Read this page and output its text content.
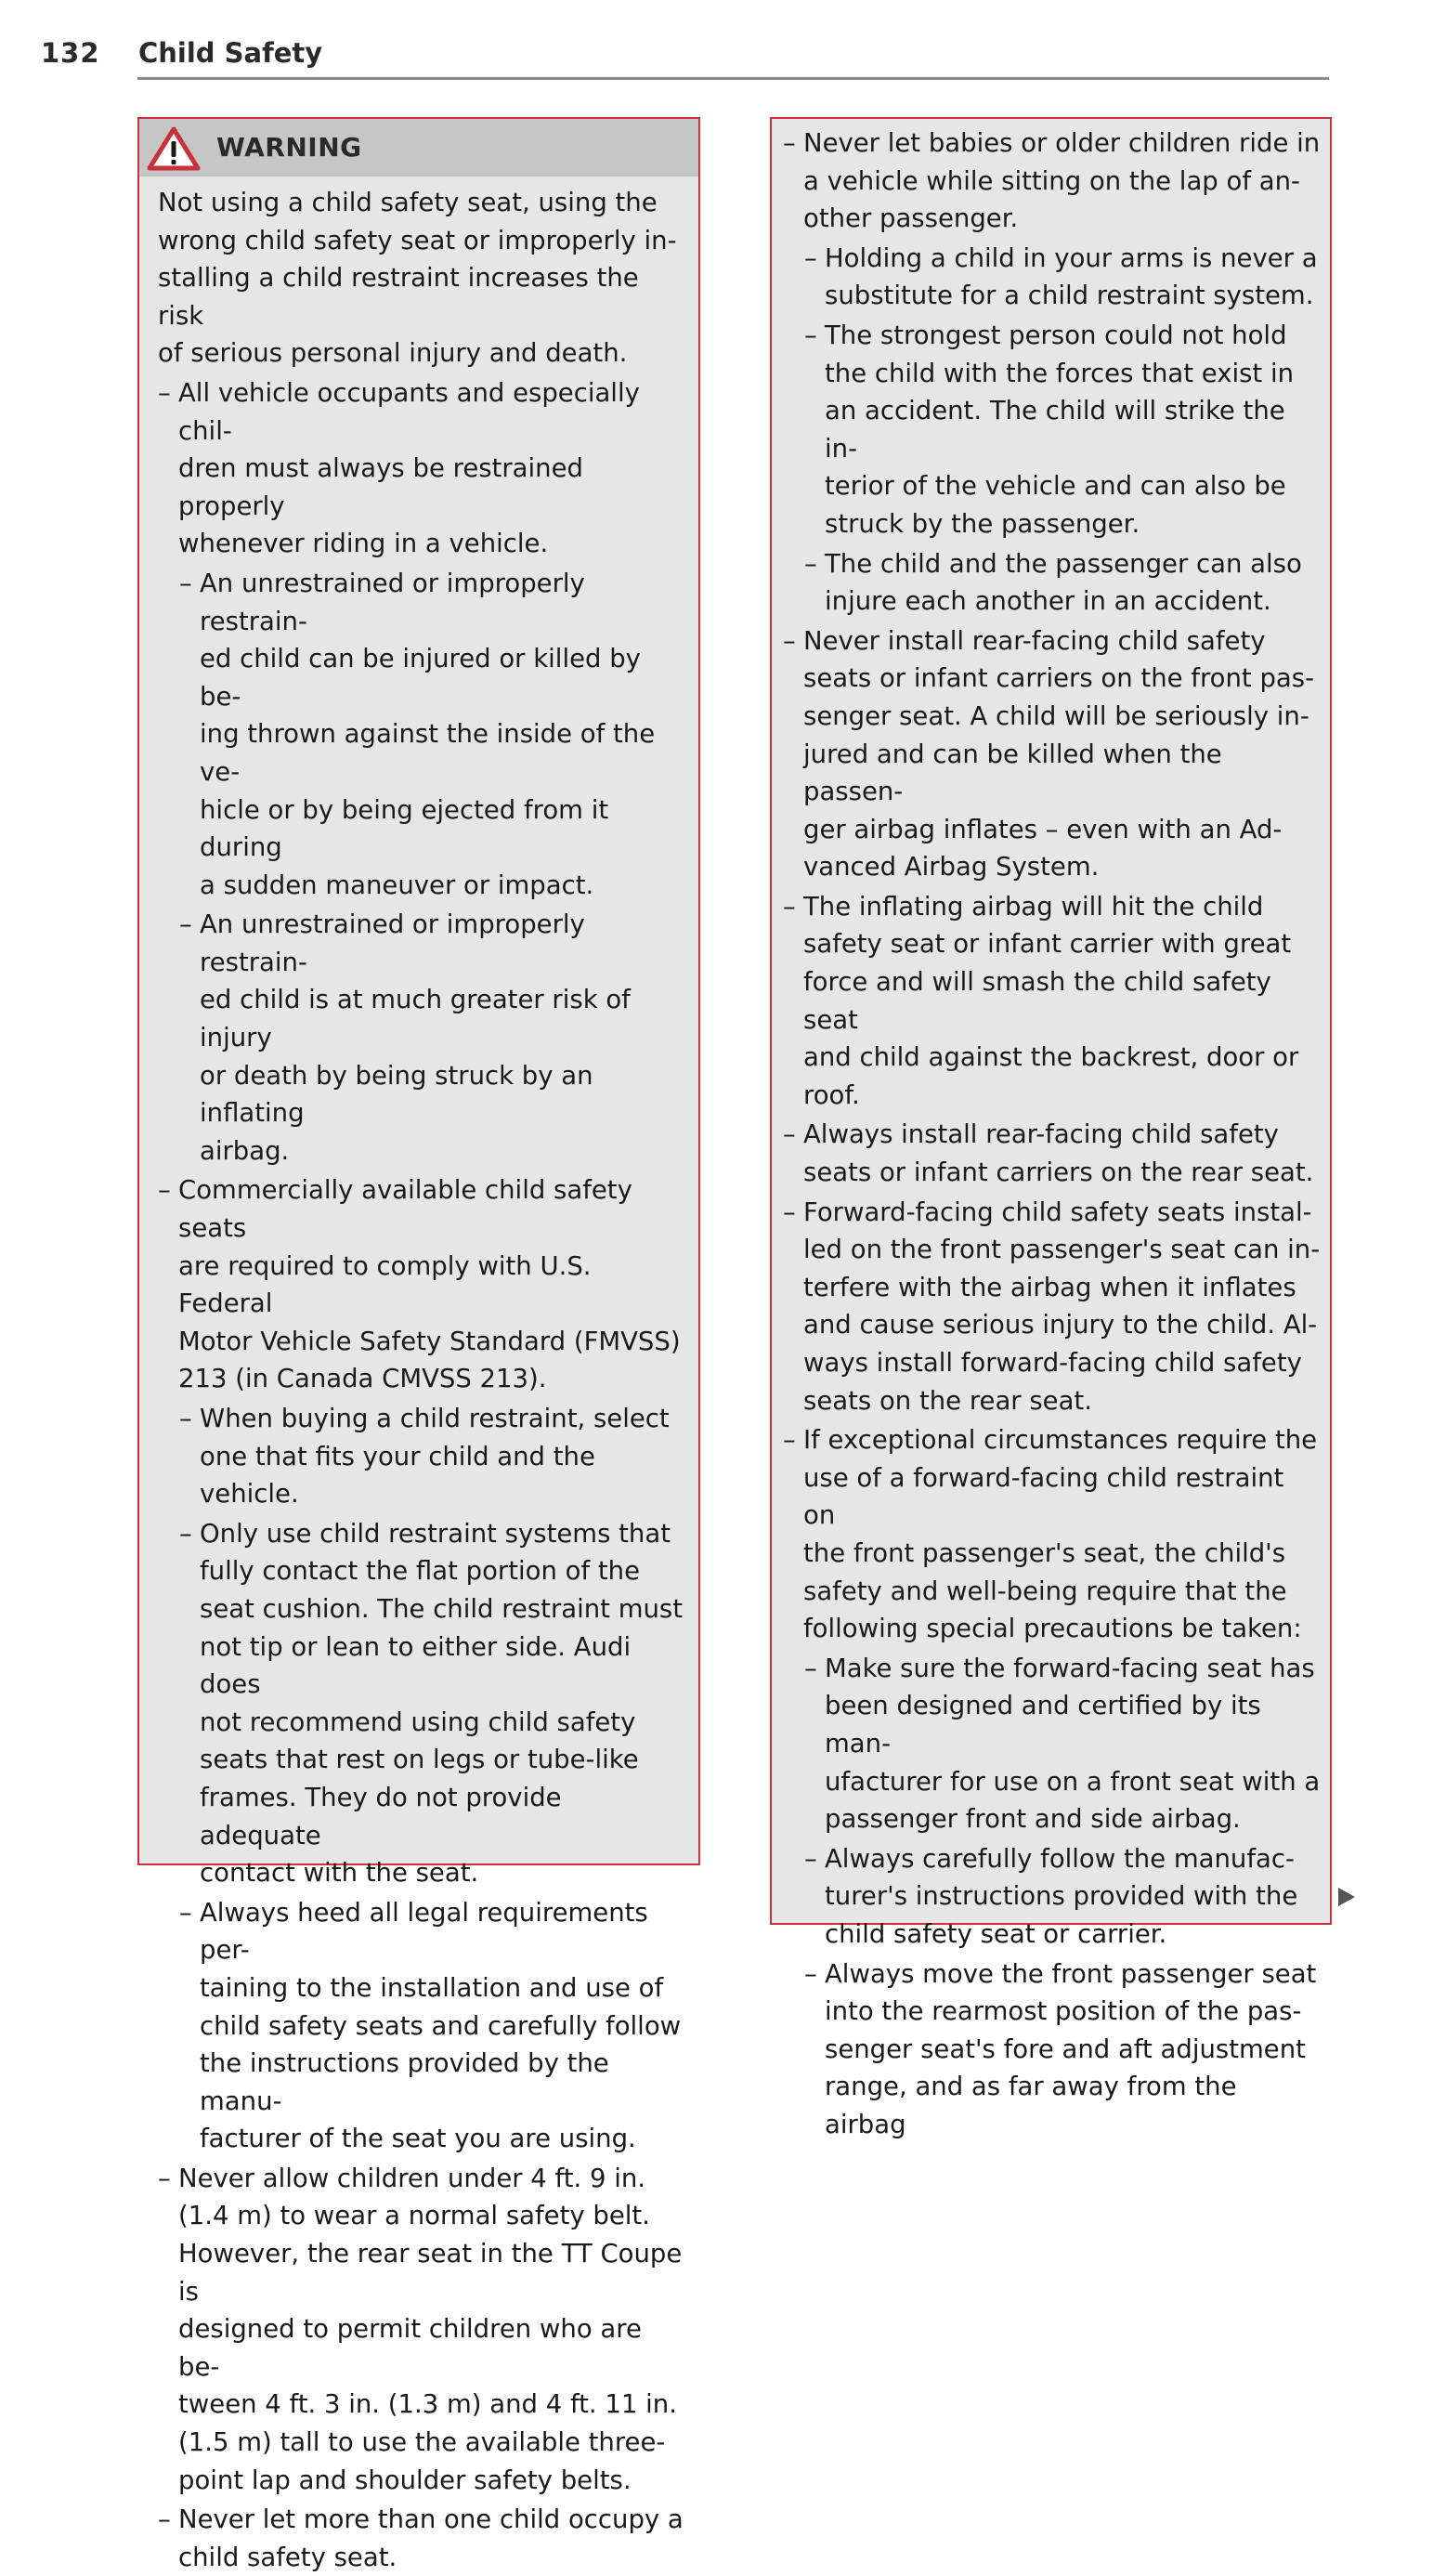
132 Child Safety
WARNING
Not using a child safety seat, using the
wrong child safety seat or improperly in-
stalling a child restraint increases the risk
of serious personal injury and death.
– All vehicle occupants and especially chil-
dren must always be restrained properly
whenever riding in a vehicle.
– An unrestrained or improperly restrain-
ed child can be injured or killed by be-
ing thrown against the inside of the ve-
hicle or by being ejected from it during
a sudden maneuver or impact.
– An unrestrained or improperly restrain-
ed child is at much greater risk of injury
or death by being struck by an inflating
airbag.
– Commercially available child safety seats
are required to comply with U.S. Federal
Motor Vehicle Safety Standard (FMVSS)
213 (in Canada CMVSS 213).
– When buying a child restraint, select
one that fits your child and the vehicle.
– Only use child restraint systems that
fully contact the flat portion of the
seat cushion. The child restraint must
not tip or lean to either side. Audi does
not recommend using child safety
seats that rest on legs or tube-like
frames. They do not provide adequate
contact with the seat.
– Always heed all legal requirements per-
taining to the installation and use of
child safety seats and carefully follow
the instructions provided by the manu-
facturer of the seat you are using.
– Never allow children under 4 ft. 9 in.
(1.4 m) to wear a normal safety belt.
However, the rear seat in the TT Coupe is
designed to permit children who are be-
tween 4 ft. 3 in. (1.3 m) and 4 ft. 11 in.
(1.5 m) tall to use the available three-
point lap and shoulder safety belts.
– Never let more than one child occupy a
child safety seat.
– Never let babies or older children ride in
a vehicle while sitting on the lap of an-
other passenger.
– Holding a child in your arms is never a
substitute for a child restraint system.
– The strongest person could not hold
the child with the forces that exist in
an accident. The child will strike the in-
terior of the vehicle and can also be
struck by the passenger.
– The child and the passenger can also
injure each another in an accident.
– Never install rear-facing child safety
seats or infant carriers on the front pas-
senger seat. A child will be seriously in-
jured and can be killed when the passen-
ger airbag inflates – even with an Ad-
vanced Airbag System.
– The inflating airbag will hit the child
safety seat or infant carrier with great
force and will smash the child safety seat
and child against the backrest, door or
roof.
– Always install rear-facing child safety
seats or infant carriers on the rear seat.
– Forward-facing child safety seats instal-
led on the front passenger's seat can in-
terfere with the airbag when it inflates
and cause serious injury to the child. Al-
ways install forward-facing child safety
seats on the rear seat.
– If exceptional circumstances require the
use of a forward-facing child restraint on
the front passenger's seat, the child's
safety and well-being require that the
following special precautions be taken:
– Make sure the forward-facing seat has
been designed and certified by its man-
ufacturer for use on a front seat with a
passenger front and side airbag.
– Always carefully follow the manufac-
turer's instructions provided with the
child safety seat or carrier.
– Always move the front passenger seat
into the rearmost position of the pas-
senger seat's fore and aft adjustment
range, and as far away from the airbag
